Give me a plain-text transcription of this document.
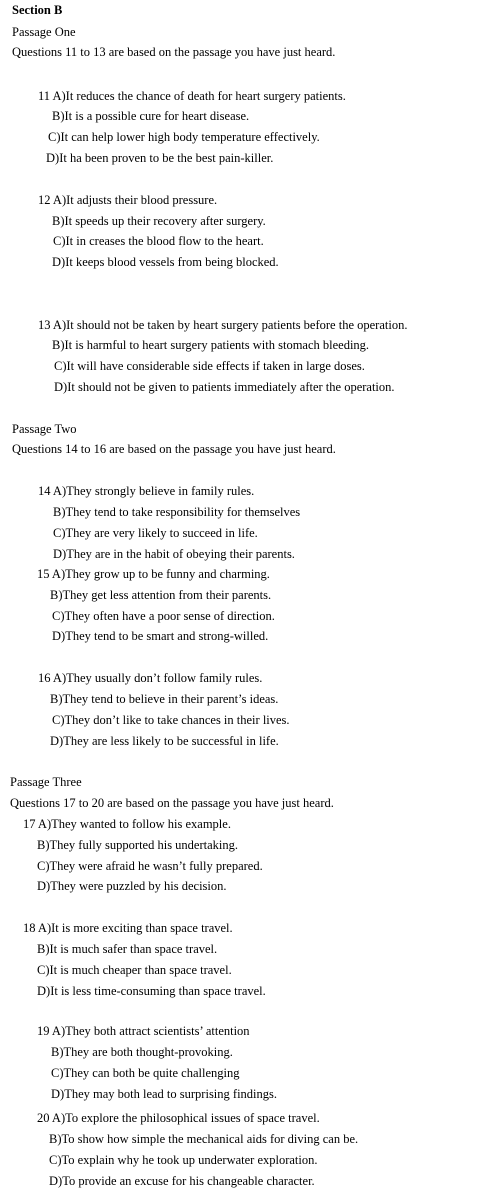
Section B
Passage One
Questions 11 to 13 are based on the passage you have just heard.
11 A)It reduces the chance of death for heart surgery patients.
B)It is a possible cure for heart disease.
C)It can help lower high body temperature effectively.
D)It ha been proven to be the best pain-killer.
12 A)It adjusts their blood pressure.
B)It speeds up their recovery after surgery.
C)It in creases the blood flow to the heart.
D)It keeps blood vessels from being blocked.
13 A)It should not be taken by heart surgery patients before the operation.
B)It is harmful to heart surgery patients with stomach bleeding.
C)It will have considerable side effects if taken in large doses.
D)It should not be given to patients immediately after the operation.
Passage Two
Questions 14 to 16 are based on the passage you have just heard.
14 A)They strongly believe in family rules.
B)They tend to take responsibility for themselves
C)They are very likely to succeed in life.
D)They are in the habit of obeying their parents.
15 A)They grow up to be funny and charming.
B)They get less attention from their parents.
C)They often have a poor sense of direction.
D)They tend to be smart and strong-willed.
16 A)They usually don’t follow family rules.
B)They tend to believe in their parent’s ideas.
C)They don’t like to take chances in their lives.
D)They are less likely to be successful in life.
Passage Three
Questions 17 to 20 are based on the passage you have just heard.
17 A)They wanted to follow his example.
B)They fully supported his undertaking.
C)They were afraid he wasn’t fully prepared.
D)They were puzzled by his decision.
18 A)It is more exciting than space travel.
B)It is much safer than space travel.
C)It is much cheaper than space travel.
D)It is less time-consuming than space travel.
19 A)They both attract scientists’ attention
B)They are both thought-provoking.
C)They can both be quite challenging
D)They may both lead to surprising findings.
20 A)To explore the philosophical issues of space travel.
B)To show how simple the mechanical aids for diving can be.
C)To explain why he took up underwater exploration.
D)To provide an excuse for his changeable character.
